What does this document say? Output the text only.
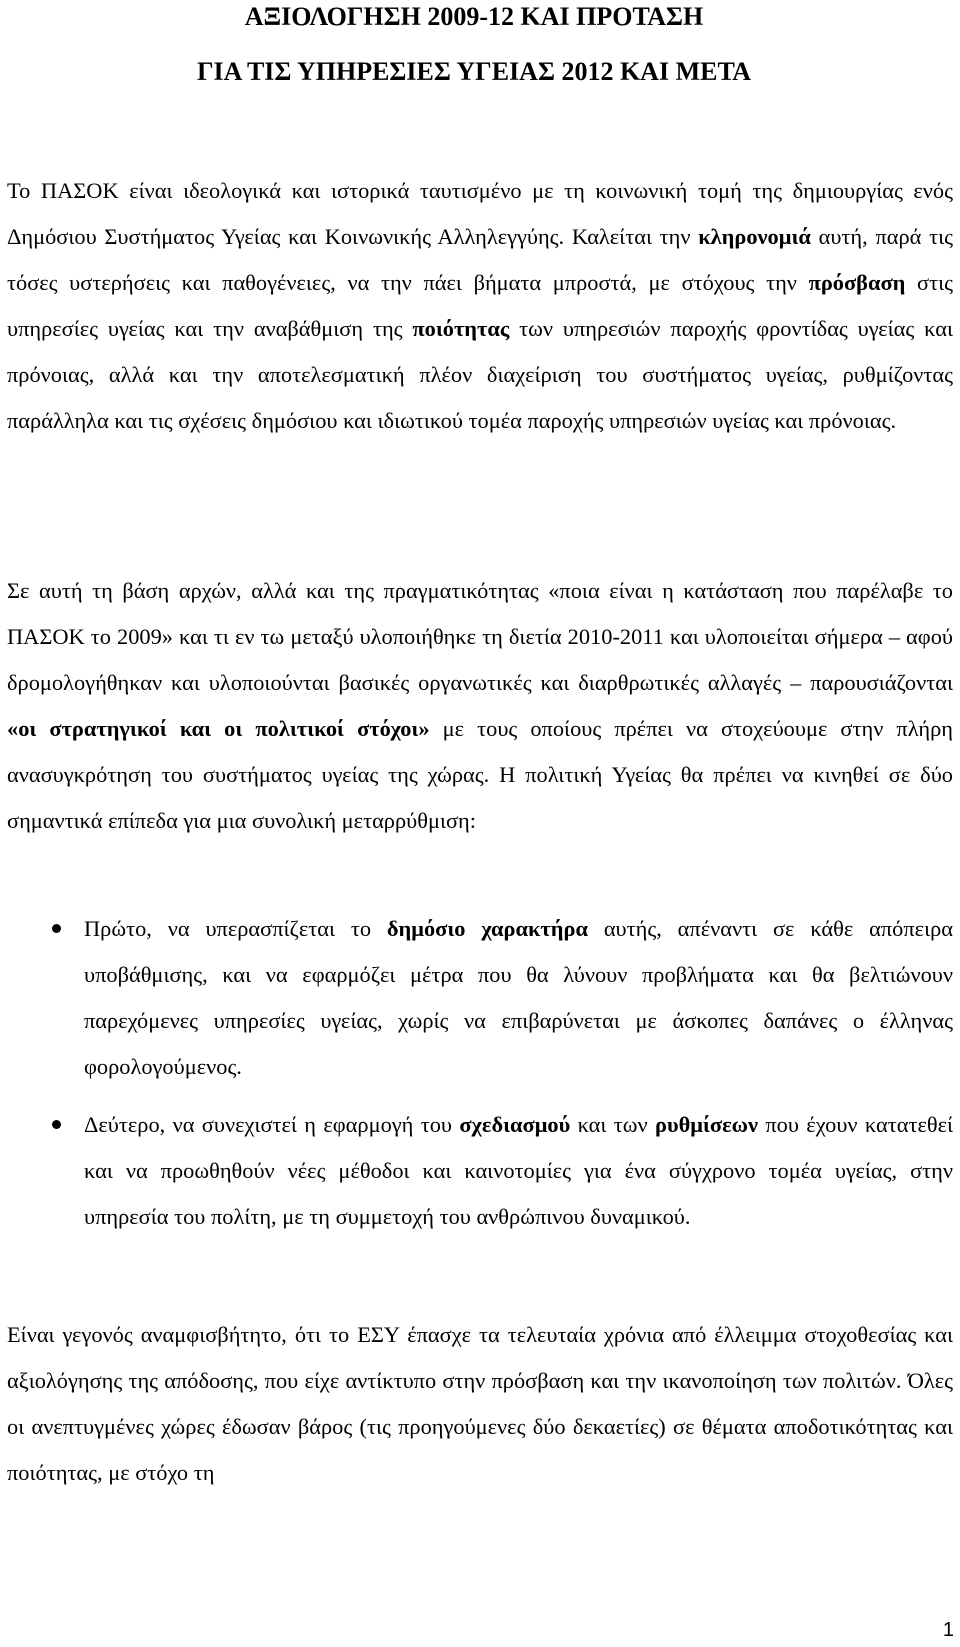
ΑΞΙΟΛΟΓΗΣΗ 2009-12 ΚΑΙ ΠΡΟΤΑΣΗ
ΓΙΑ ΤΙΣ ΥΠΗΡΕΣΙΕΣ ΥΓΕΙΑΣ 2012 ΚΑΙ ΜΕΤΑ

Το ΠΑΣΟΚ είναι ιδεολογικά και ιστορικά ταυτισμένο με τη κοινωνική τομή της δημιουργίας ενός Δημόσιου Συστήματος Υγείας και Κοινωνικής Αλληλεγγύης. Καλείται την κληρονομιά αυτή, παρά τις τόσες υστερήσεις και παθογένειες, να την πάει βήματα μπροστά, με στόχους την πρόσβαση στις υπηρεσίες υγείας και την αναβάθμιση της ποιότητας των υπηρεσιών παροχής φροντίδας υγείας και πρόνοιας, αλλά και την αποτελεσματική πλέον διαχείριση του συστήματος υγείας, ρυθμίζοντας παράλληλα και τις σχέσεις δημόσιου και ιδιωτικού τομέα παροχής υπηρεσιών υγείας και πρόνοιας.

Σε αυτή τη βάση αρχών, αλλά και της πραγματικότητας «ποια είναι η κατάσταση που παρέλαβε το ΠΑΣΟΚ το 2009» και τι εν τω μεταξύ υλοποιήθηκε τη διετία 2010-2011 και υλοποιείται σήμερα – αφού δρομολογήθηκαν και υλοποιούνται βασικές οργανωτικές και διαρθρωτικές αλλαγές – παρουσιάζονται «οι στρατηγικοί και οι πολιτικοί στόχοι» με τους οποίους πρέπει να στοχεύουμε στην πλήρη ανασυγκρότηση του συστήματος υγείας της χώρας. Η πολιτική Υγείας θα πρέπει να κινηθεί σε δύο σημαντικά επίπεδα για μια συνολική μεταρρύθμιση:

Πρώτο, να υπερασπίζεται το δημόσιο χαρακτήρα αυτής, απέναντι σε κάθε απόπειρα υποβάθμισης, και να εφαρμόζει μέτρα που θα λύνουν προβλήματα και θα βελτιώνουν παρεχόμενες υπηρεσίες υγείας, χωρίς να επιβαρύνεται με άσκοπες δαπάνες ο έλληνας φορολογούμενος.

Δεύτερο, να συνεχιστεί η εφαρμογή του σχεδιασμού και των ρυθμίσεων που έχουν κατατεθεί και να προωθηθούν νέες μέθοδοι και καινοτομίες για ένα σύγχρονο τομέα υγείας, στην υπηρεσία του πολίτη, με τη συμμετοχή του ανθρώπινου δυναμικού.

Είναι γεγονός αναμφισβήτητο, ότι το ΕΣΥ έπασχε τα τελευταία χρόνια από έλλειμμα στοχοθεσίας και αξιολόγησης της απόδοσης, που είχε αντίκτυπο στην πρόσβαση και την ικανοποίηση των πολιτών. Όλες οι ανεπτυγμένες χώρες έδωσαν βάρος (τις προηγούμενες δύο δεκαετίες) σε θέματα αποδοτικότητας και ποιότητας, με στόχο τη

1
